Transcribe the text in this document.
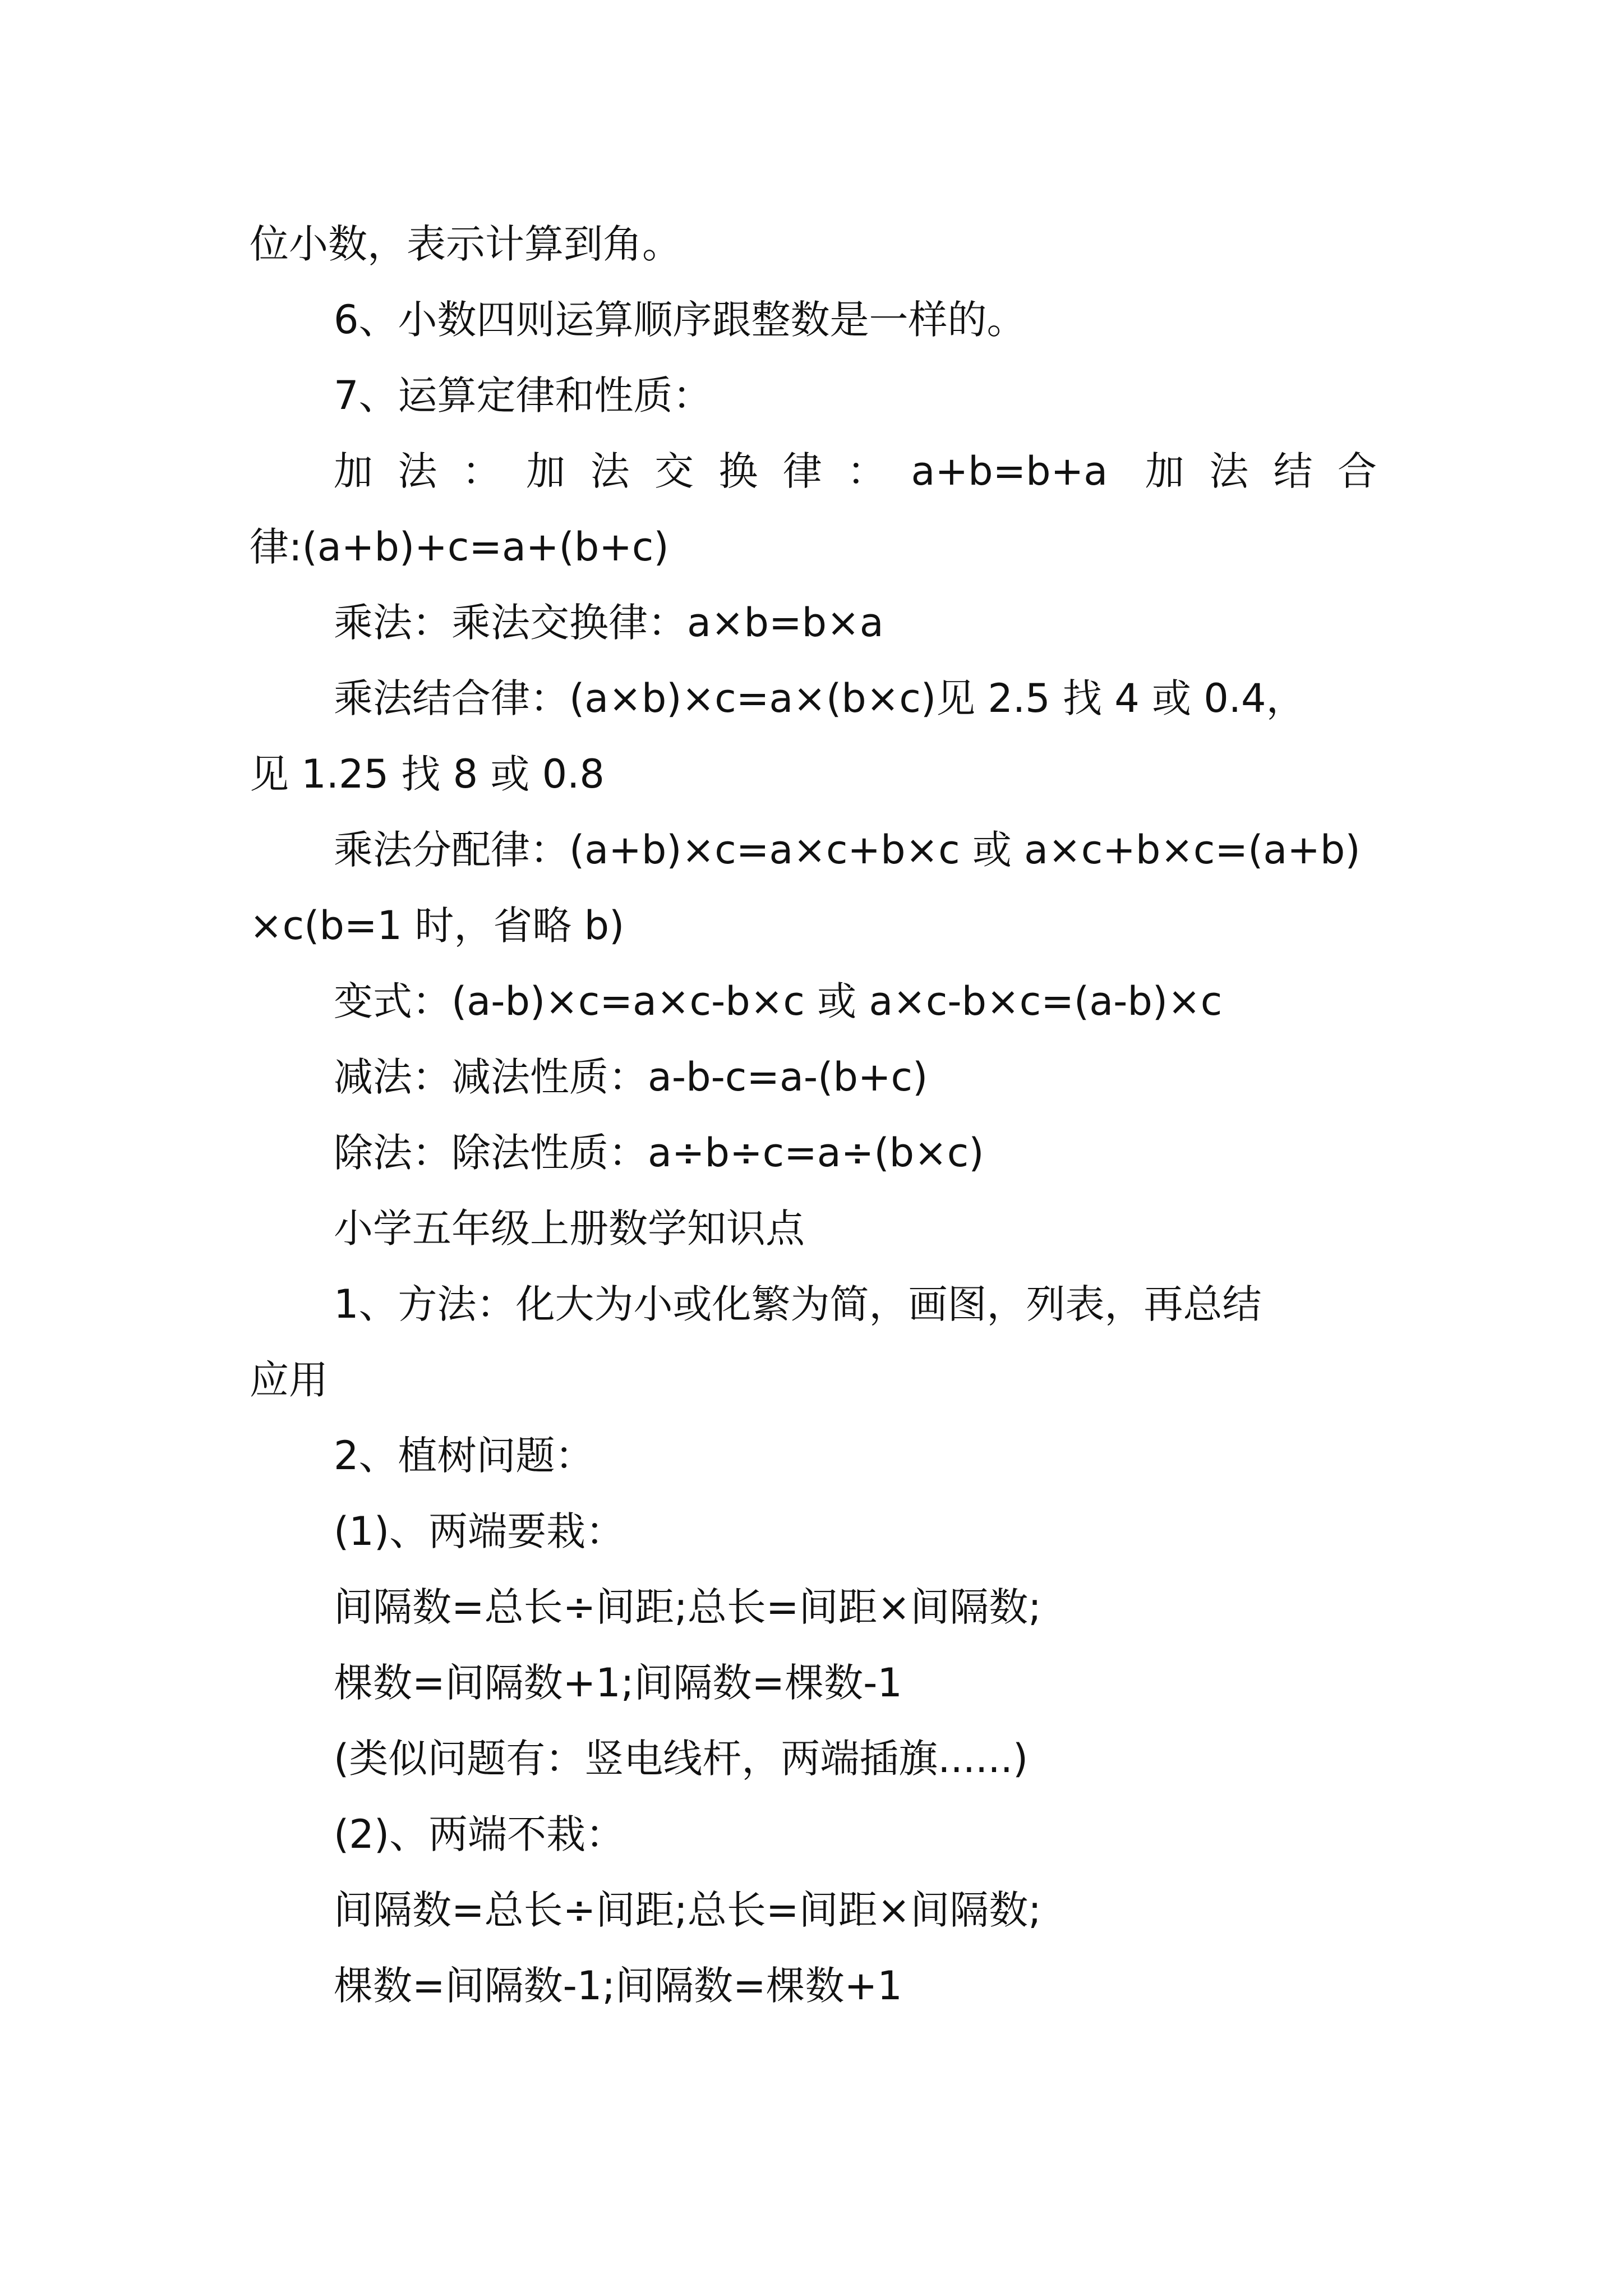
位小数，表示计算到角。
6、小数四则运算顺序跟整数是一样的。
7、运算定律和性质：
加法：加法交换律：a+b=b+a 加法结合
律:(a+b)+c=a+(b+c)
乘法：乘法交换律：a×b=b×a
乘法结合律：(a×b)×c=a×(b×c)见 2.5 找 4 或 0.4，
见 1.25 找 8 或 0.8
乘法分配律：(a+b)×c=a×c+b×c 或 a×c+b×c=(a+b)
×c(b=1 时，省略 b)
变式：(a-b)×c=a×c-b×c 或 a×c-b×c=(a-b)×c
减法：减法性质：a-b-c=a-(b+c)
除法：除法性质：a÷b÷c=a÷(b×c)
小学五年级上册数学知识点
1、方法：化大为小或化繁为简，画图，列表，再总结
应用
2、植树问题：
(1)、两端要栽：
间隔数=总长÷间距;总长=间距×间隔数;
棵数=间隔数+1;间隔数=棵数-1
(类似问题有：竖电线杆，两端插旗......)
(2)、两端不栽：
间隔数=总长÷间距;总长=间距×间隔数;
棵数=间隔数-1;间隔数=棵数+1
